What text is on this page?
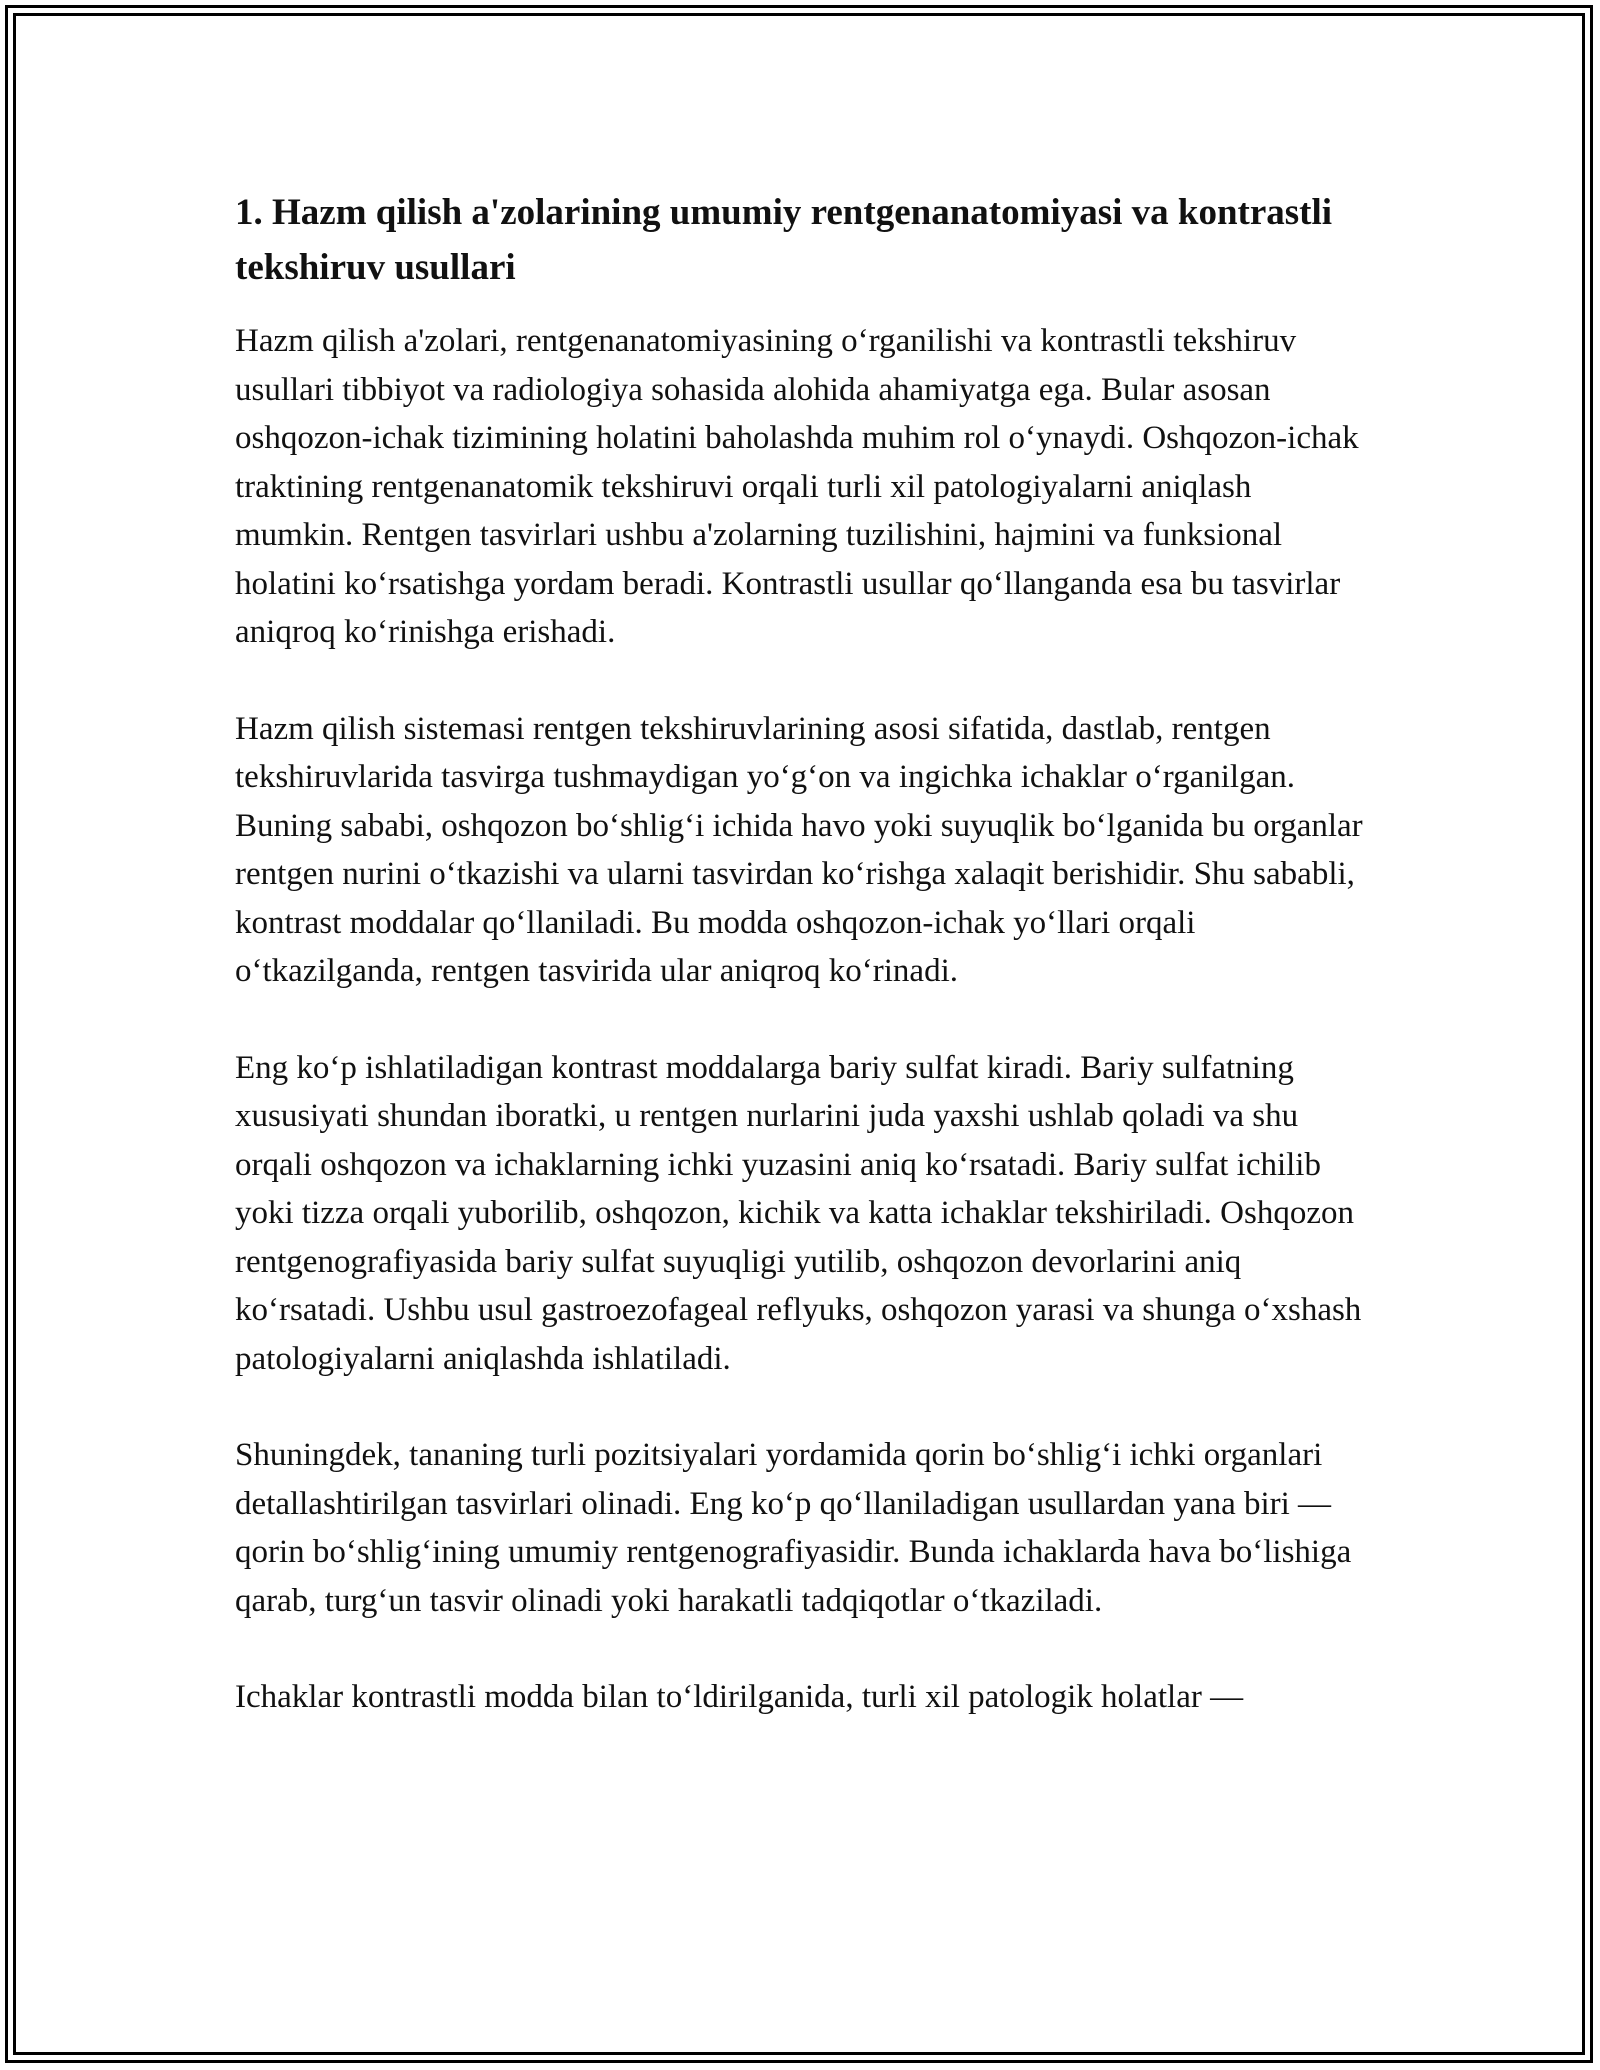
1. Hazm qilish a'zolarining umumiy rentgenanatomiyasi va kontrastli tekshiruv usullari

Hazm qilish a'zolari, rentgenanatomiyasining oʻrganilishi va kontrastli tekshiruv usullari tibbiyot va radiologiya sohasida alohida ahamiyatga ega. Bular asosan oshqozon-ichak tizimining holatini baholashda muhim rol oʻynaydi. Oshqozon-ichak traktining rentgenanatomik tekshiruvi orqali turli xil patologiyalarni aniqlash mumkin. Rentgen tasvirlari ushbu a'zolarning tuzilishini, hajmini va funksional holatini koʻrsatishga yordam beradi. Kontrastli usullar qoʻllanganda esa bu tasvirlar aniqroq koʻrinishga erishadi.

Hazm qilish sistemasi rentgen tekshiruvlarining asosi sifatida, dastlab, rentgen tekshiruvlarida tasvirga tushmaydigan yoʻgʻon va ingichka ichaklar oʻrganilgan. Buning sababi, oshqozon boʻshligʻi ichida havo yoki suyuqlik boʻlganida bu organlar rentgen nurini oʻtkazishi va ularni tasvirdan koʻrishga xalaqit berishidir. Shu sababli, kontrast moddalar qoʻllaniladi. Bu modda oshqozon-ichak yoʻllari orqali oʻtkazilganda, rentgen tasvirida ular aniqroq koʻrinadi.

Eng koʻp ishlatiladigan kontrast moddalarga bariy sulfat kiradi. Bariy sulfatning xususiyati shundan iboratki, u rentgen nurlarini juda yaxshi ushlab qoladi va shu orqali oshqozon va ichaklarning ichki yuzasini aniq koʻrsatadi. Bariy sulfat ichilib yoki tizza orqali yuborilib, oshqozon, kichik va katta ichaklar tekshiriladi. Oshqozon rentgenografiyasida bariy sulfat suyuqligi yutilib, oshqozon devorlarini aniq koʻrsatadi. Ushbu usul gastroezofageal reflyuks, oshqozon yarasi va shunga oʻxshash patologiyalarni aniqlashda ishlatiladi.

Shuningdek, tananing turli pozitsiyalari yordamida qorin boʻshligʻi ichki organlari detallashtirilgan tasvirlari olinadi. Eng koʻp qoʻllaniladigan usullardan yana biri — qorin boʻshligʻining umumiy rentgenografiyasidir. Bunda ichaklarda hava boʻlishiga qarab, turgʻun tasvir olinadi yoki harakatli tadqiqotlar oʻtkaziladi.

Ichaklar kontrastli modda bilan toʻldirilganida, turli xil patologik holatlar —
